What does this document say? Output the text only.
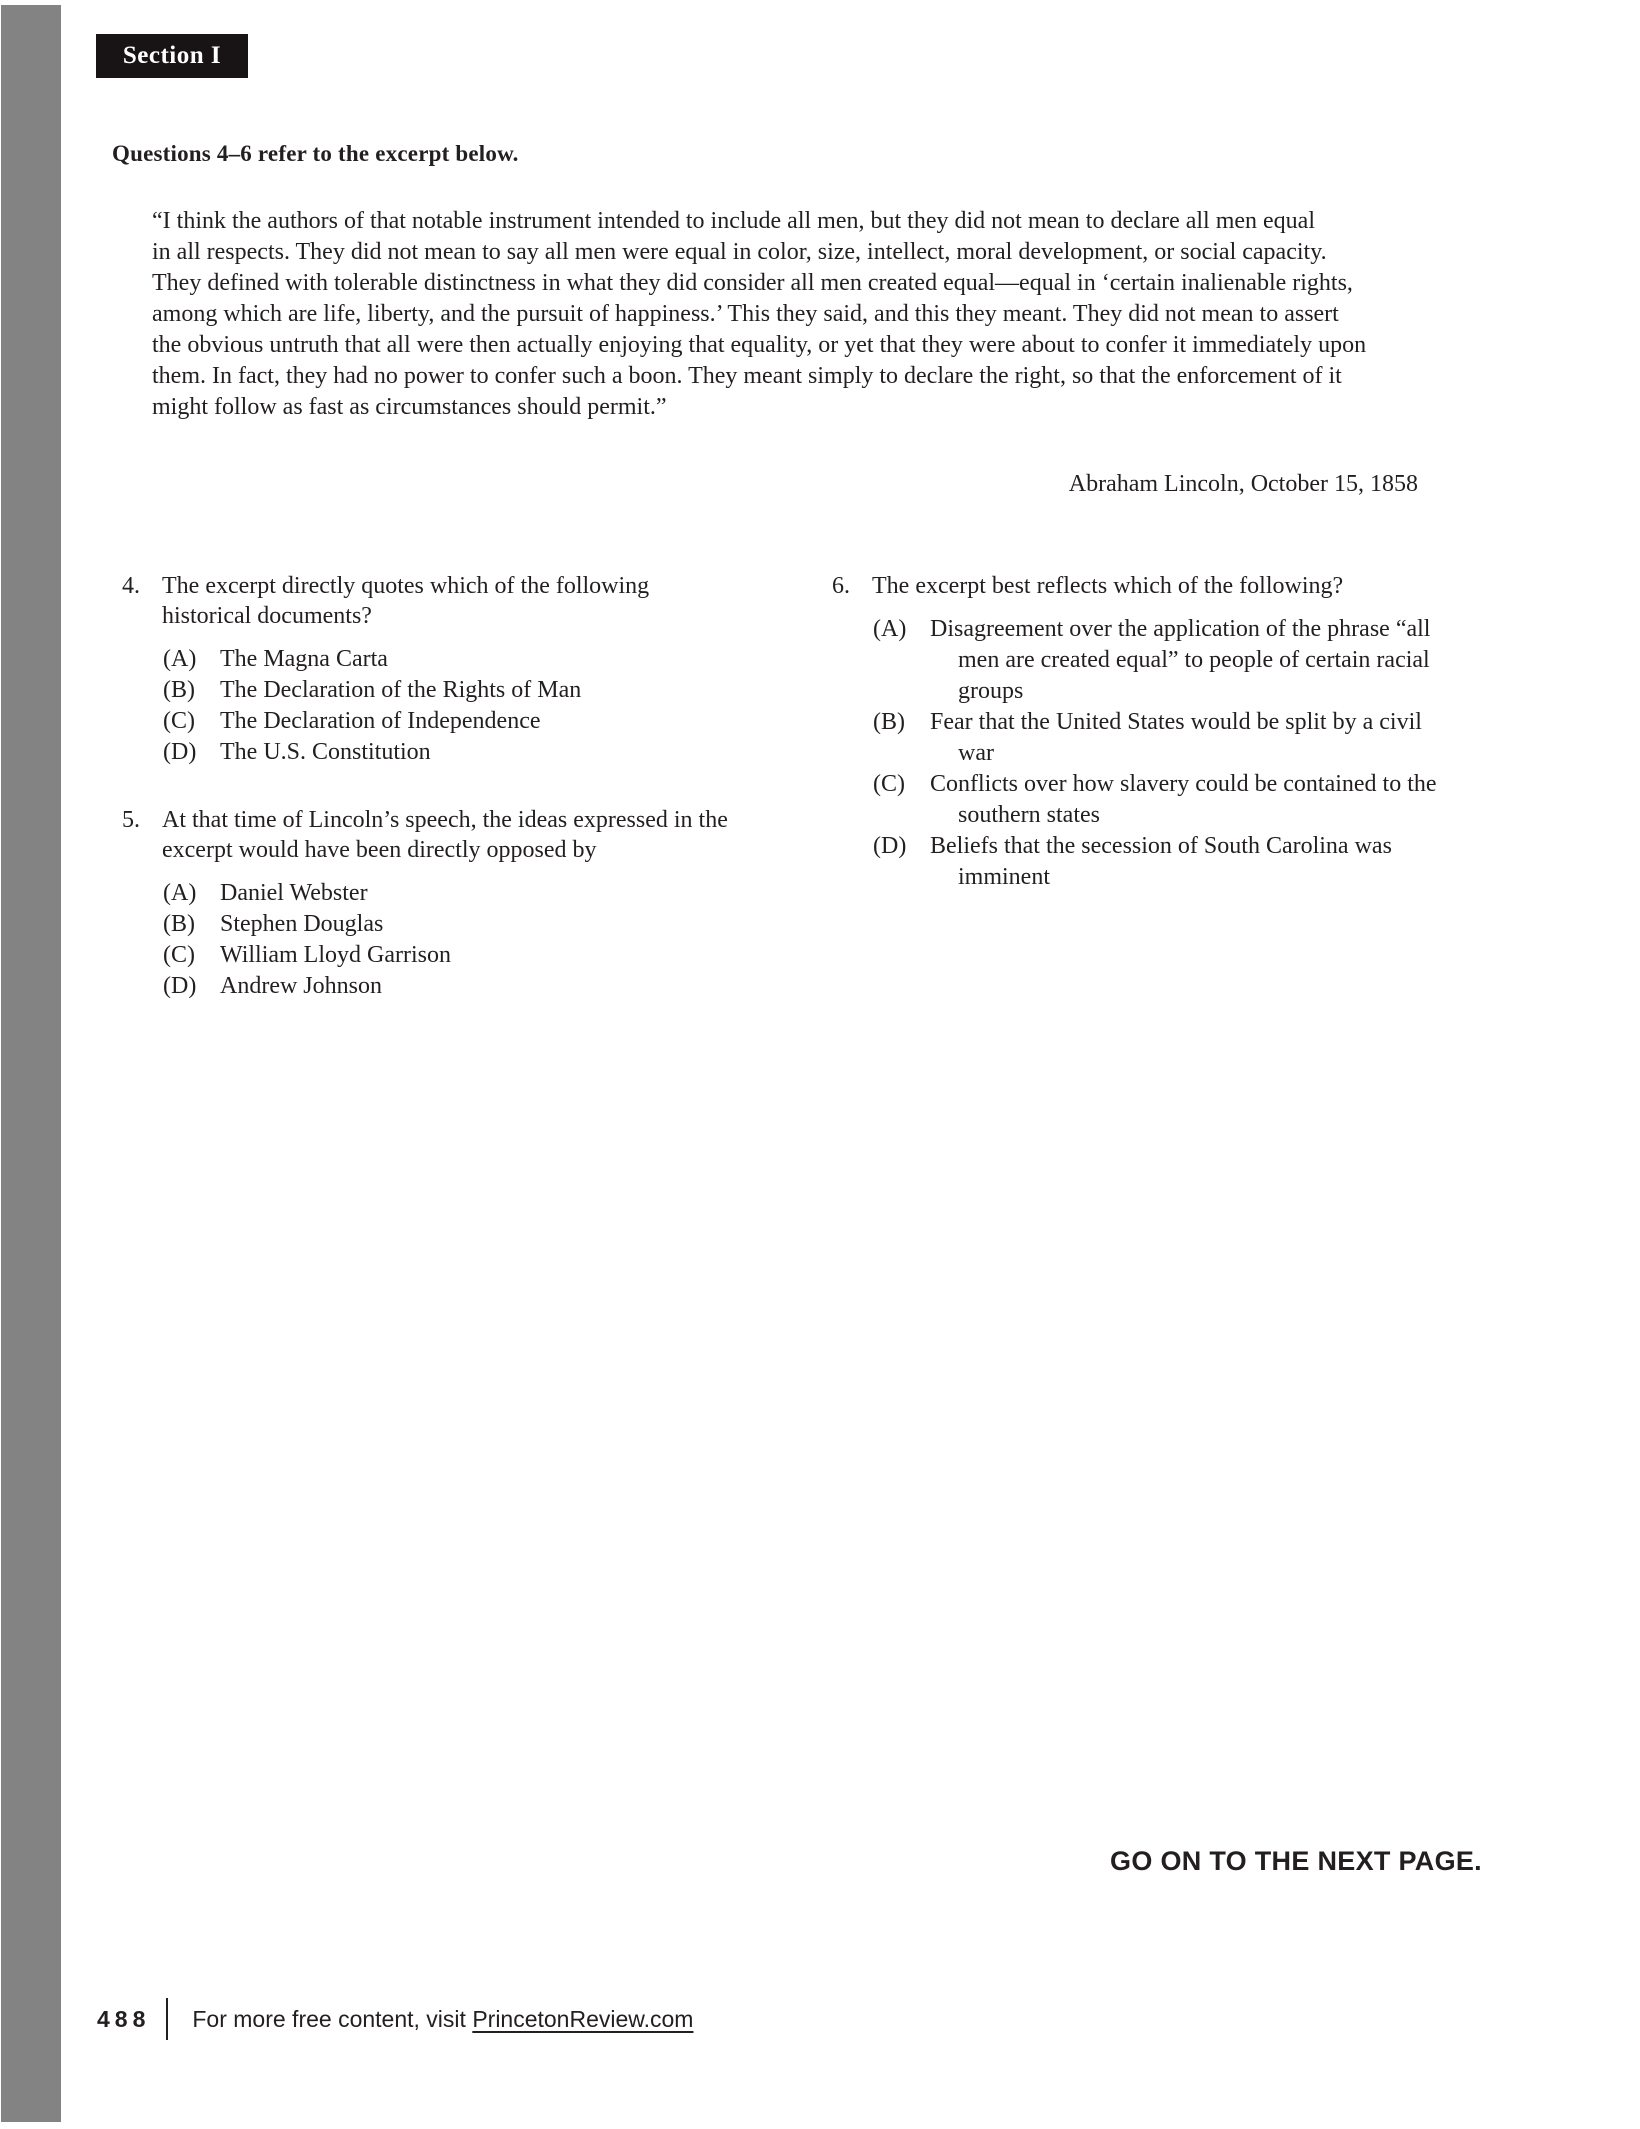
Section I
Questions 4–6 refer to the excerpt below.
“I think the authors of that notable instrument intended to include all men, but they did not mean to declare all men equal
in all respects. They did not mean to say all men were equal in color, size, intellect, moral development, or social capacity.
They defined with tolerable distinctness in what they did consider all men created equal—equal in ‘certain inalienable rights,
among which are life, liberty, and the pursuit of happiness.’ This they said, and this they meant. They did not mean to assert
the obvious untruth that all were then actually enjoying that equality, or yet that they were about to confer it immediately upon
them. In fact, they had no power to confer such a boon. They meant simply to declare the right, so that the enforcement of it
might follow as fast as circumstances should permit.”
Abraham Lincoln, October 15, 1858
4. The excerpt directly quotes which of the following
historical documents?
(A) The Magna Carta
(B)	The Declaration of the Rights of Man
(C)	The Declaration of Independence
(D) The U.S. Constitution
5. At that time of Lincoln’s speech, the ideas expressed in the
excerpt would have been directly opposed by
(A) Daniel Webster
(B)	Stephen Douglas
(C)	William Lloyd Garrison
(D) Andrew Johnson
6. The excerpt best reflects which of the following?
(A) Disagreement over the application of the phrase “all
men are created equal” to people of certain racial
groups
(B)	Fear that the United States would be split by a civil
war
(C)	Conflicts over how slavery could be contained to the
southern states
(D) Beliefs that the secession of South Carolina was
imminent
GO ON TO THE NEXT PAGE.
488 For more free content, visit PrincetonReview.com
